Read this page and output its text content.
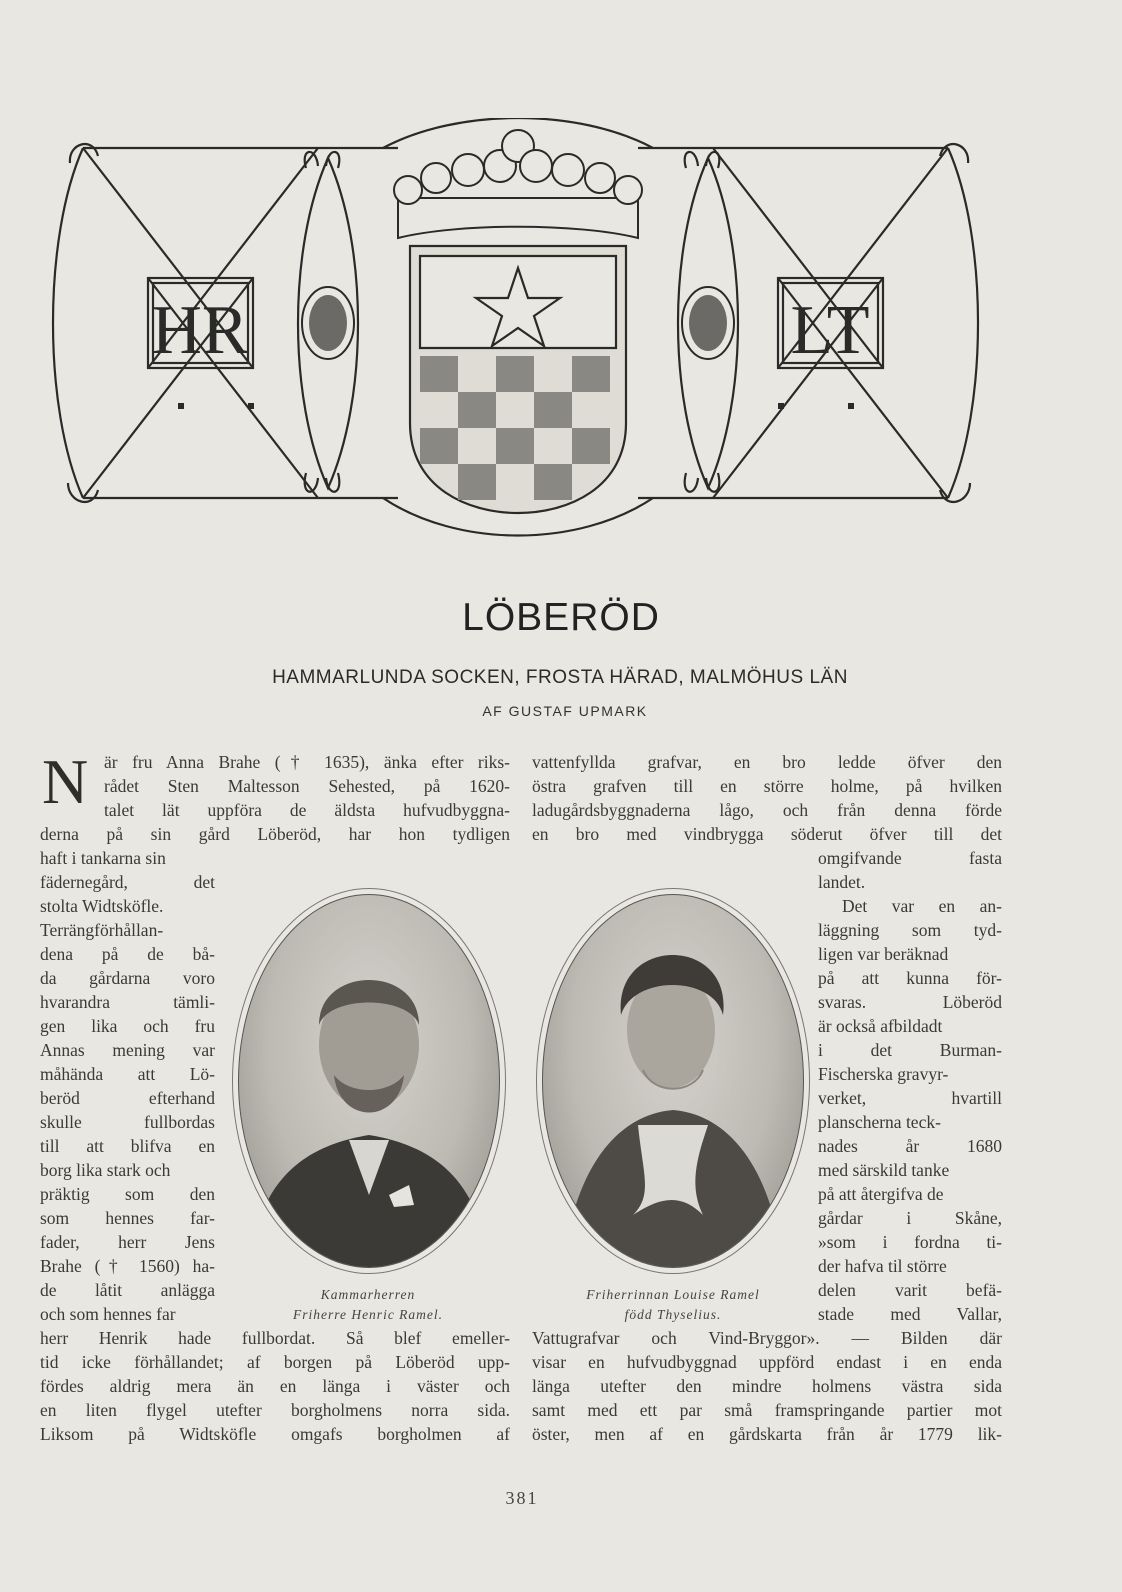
HR	LT
LÖBERÖD
HAMMARLUNDA SOCKEN, FROSTA HÄRAD, MALMÖHUS LÄN
AF GUSTAF UPMARK
N är fru Anna Brahe († 1635), änka efter riks-
rådet Sten Maltesson Sehested, på 1620-
talet lät uppföra de äldsta hufvudbyggna-
derna på sin gård Löberöd, har hon tydligen
haft i tankarna sin
fädernegård, det
stolta Widtsköfle.
Terrängförhållan-
dena på de bå-
da gårdarna voro
hvarandra tämli-
gen lika och fru
Annas mening var
måhända att Lö-
beröd efterhand
skulle fullbordas
till att blifva en
borg lika stark och
präktig som den
som hennes far-
fader, herr Jens
Brahe († 1560) ha-
de låtit anlägga
och som hennes far
herr Henrik hade fullbordat. Så blef emeller-
tid icke förhållandet; af borgen på Löberöd upp-
fördes aldrig mera än en länga i väster och
en liten flygel utefter borgholmens norra sida.
Liksom på Widtsköfle omgafs borgholmen af
vattenfyllda grafvar, en bro ledde öfver den
östra grafven till en större holme, på hvilken
ladugårdsbyggnaderna lågo, och från denna förde
en bro med vindbrygga söderut öfver till det
omgifvande fasta
landet.
Det var en an-
läggning som tyd-
ligen var beräknad
på att kunna för-
svaras. Löberöd
är också afbildadt
i det Burman-
Fischerska gravyr-
verket, hvartill
planscherna teck-
nades år 1680
med särskild tanke
på att återgifva de
gårdar i Skåne,
»som i fordna ti-
der hafva til större
delen varit befä-
stade med Vallar,
Vattugrafvar och Vind-Bryggor». — Bilden där
visar en hufvudbyggnad uppförd endast i en enda
länga utefter den mindre holmens västra sida
samt med ett par små framspringande partier mot
öster, men af en gårdskarta från år 1779 lik-
Kammarherren
Friherre Henric Ramel.
Friherrinnan Louise Ramel
född Thyselius.
381
